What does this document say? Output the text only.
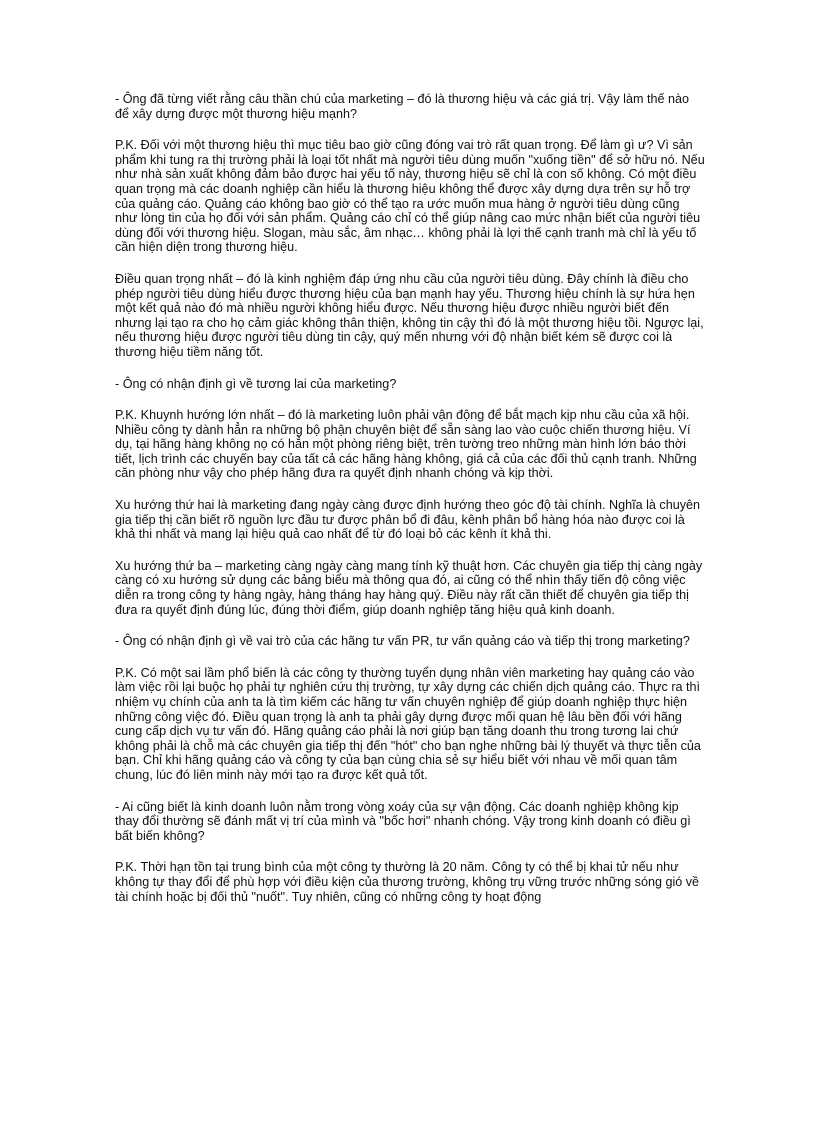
- Ông đã từng viết rằng câu thần chú của marketing – đó là thương hiệu và các giá trị. Vậy làm thế nào để xây dựng được một thương hiệu mạnh?

P.K. Đối với một thương hiệu thì mục tiêu bao giờ cũng đóng vai trò rất quan trọng. Để làm gì ư? Vì sản phẩm khi tung ra thị trường phải là loại tốt nhất mà người tiêu dùng muốn "xuống tiền" để sở hữu nó. Nếu như nhà sản xuất không đảm bảo được hai yếu tố này, thương hiệu sẽ chỉ là con số không. Có một điều quan trọng mà các doanh nghiệp cần hiểu là thương hiệu không thể được xây dựng dựa trên sự hỗ trợ của quảng cáo. Quảng cáo không bao giờ có thể tạo ra ước muốn mua hàng ở người tiêu dùng cũng như lòng tin của họ đối với sản phẩm. Quảng cáo chỉ có thể giúp nâng cao mức nhận biết của người tiêu dùng đối với thương hiệu. Slogan, màu sắc, âm nhạc… không phải là lợi thế cạnh tranh mà chỉ là yếu tố cần hiện diện trong thương hiệu.

Điều quan trọng nhất – đó là kinh nghiệm đáp ứng nhu cầu của người tiêu dùng. Đây chính là điều cho phép người tiêu dùng hiểu được thương hiệu của bạn mạnh hay yếu. Thương hiệu chính là sự hứa hẹn một kết quả nào đó mà nhiều người không hiểu được. Nếu thương hiệu được nhiều người biết đến nhưng lại tạo ra cho họ cảm giác không thân thiện, không tin cậy thì đó là một thương hiệu tồi. Ngược lại, nếu thương hiệu được người tiêu dùng tin cậy, quý mến nhưng với độ nhận biết kém sẽ được coi là thương hiệu tiềm năng tốt.

- Ông có nhận định gì về tương lai của marketing?

P.K. Khuynh hướng lớn nhất – đó là marketing luôn phải vận động để bắt mạch kịp nhu cầu của xã hội. Nhiều công ty dành hẳn ra những bộ phận chuyên biệt để sẵn sàng lao vào cuộc chiến thương hiệu. Ví dụ, tại hãng hàng không nọ có hẳn một phòng riêng biệt, trên tường treo những màn hình lớn báo thời tiết, lịch trình các chuyến bay của tất cả các hãng hàng không, giá cả của các đối thủ cạnh tranh. Những căn phòng như vậy cho phép hãng đưa ra quyết định nhanh chóng và kịp thời.

Xu hướng thứ hai là marketing đang ngày càng được định hướng theo góc độ tài chính. Nghĩa là chuyên gia tiếp thị cần biết rõ nguồn lực đầu tư được phân bổ đi đâu, kênh phân bổ hàng hóa nào được coi là khả thi nhất và mang lại hiệu quả cao nhất để từ đó loại bỏ các kênh ít khả thi.

Xu hướng thứ ba – marketing càng ngày càng mang tính kỹ thuật hơn. Các chuyên gia tiếp thị càng ngày càng có xu hướng sử dụng các bảng biểu mà thông qua đó, ai cũng có thể nhìn thấy tiến độ công việc diễn ra trong công ty hàng ngày, hàng tháng hay hàng quý. Điều này rất cần thiết để chuyên gia tiếp thị đưa ra quyết định đúng lúc, đúng thời điểm, giúp doanh nghiệp tăng hiệu quả kinh doanh.

- Ông có nhận định gì về vai trò của các hãng tư vấn PR, tư vấn quảng cáo và tiếp thị trong marketing?

P.K. Có một sai lầm phổ biến là các công ty thường tuyển dụng nhân viên marketing hay quảng cáo vào làm việc rồi lại buộc họ phải tự nghiên cứu thị trường, tự xây dựng các chiến dịch quảng cáo. Thực ra thì nhiệm vụ chính của anh ta là tìm kiếm các hãng tư vấn chuyên nghiệp để giúp doanh nghiệp thực hiện những công việc đó. Điều quan trọng là anh ta phải gây dựng được mối quan hệ lâu bền đối với hãng cung cấp dịch vụ tư vấn đó. Hãng quảng cáo phải là nơi giúp bạn tăng doanh thu trong tương lai chứ không phải là chỗ mà các chuyên gia tiếp thị đến "hót" cho bạn nghe những bài lý thuyết và thực tiễn của bạn. Chỉ khi hãng quảng cáo và công ty của bạn cùng chia sẻ sự hiểu biết với nhau về mối quan tâm chung, lúc đó liên minh này mới tạo ra được kết quả tốt.

- Ai cũng biết là kinh doanh luôn nằm trong vòng xoáy của sự vận động. Các doanh nghiệp không kịp thay đổi thường sẽ đánh mất vị trí của mình và "bốc hơi" nhanh chóng. Vậy trong kinh doanh có điều gì bất biến không?

P.K. Thời hạn tồn tại trung bình của một công ty thường là 20 năm. Công ty có thể bị khai tử nếu như không tự thay đổi để phù hợp với điều kiện của thương trường, không trụ vững trước những sóng gió về tài chính hoặc bị đối thủ "nuốt". Tuy nhiên, cũng có những công ty hoạt động
